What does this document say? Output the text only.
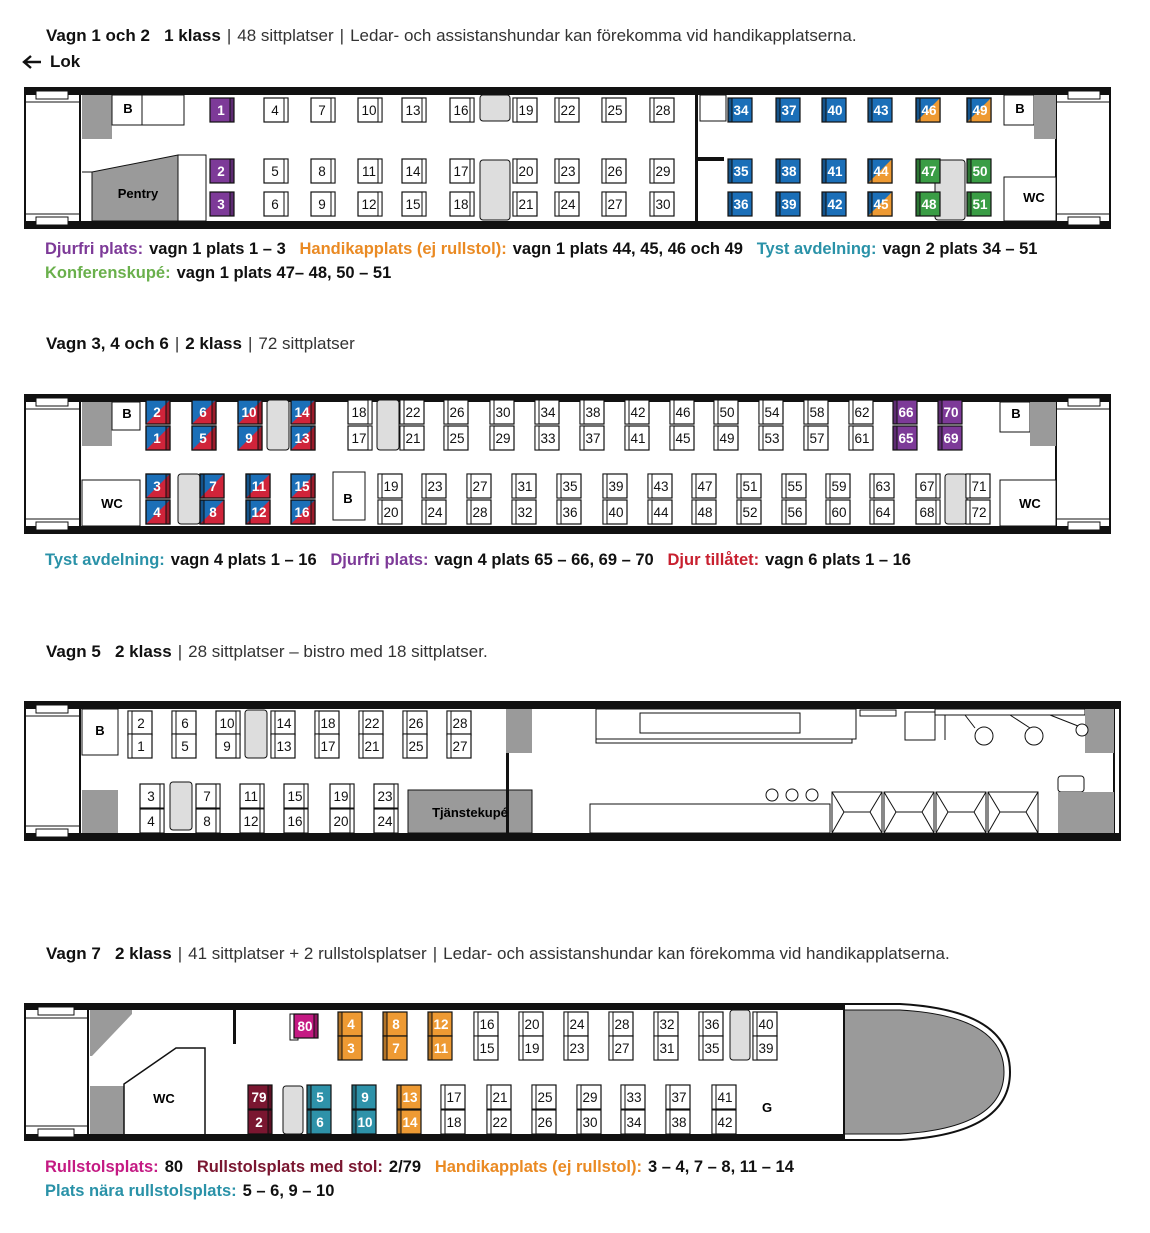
Vagn 1 och 2 1 klass | 48 sittplatser | Ledar- och assistanshundar kan förekomma vid handikapplatserna.
Lok
B	B
Pentry	WC
1
2
3
4
5
6
7
8
9
10
11
12
13
14
15
16
17
18
19
20
21
22
23
24
25
26
27
28
29
30
34
35
36
37
38
39
40
41
42
43
44
45
46
47
48
49
50
51
Djurfri plats: vagn 1 plats 1 – 3 Handikapplats (ej rullstol): vagn 1 plats 44, 45, 46 och 49 Tyst avdelning: vagn 2 plats 34 – 51
Konferenskupé: vagn 1 plats 47– 48, 50 – 51
Vagn 3, 4 och 6 | 2 klass | 72 sittplatser
B	B
B
WC	WC
2
1
6
5
10
9
14
13
18
17
22
21
26
25
30
29
34
33
38
37
42
41
46
45
50
49
54
53
58
57
62
61
66
65
70
69
3
4
7
8
11
12
15
16
19
20
23
24
27
28
31
32
35
36
39
40
43
44
47
48
51
52
55
56
59
60
63
64
67
68
71
72
Tyst avdelning: vagn 4 plats 1 – 16 Djurfri plats: vagn 4 plats 65 – 66, 69 – 70 Djur tillåtet: vagn 6 plats 1 – 16
Vagn 5 2 klass | 28 sittplatser – bistro med 18 sittplatser.
B
Tjänstekupé
2
1
6
5
10
9
14
13
18
17
22
21
26
25
28
27
3
4
7
8
11
12
15
16
19
20
23
24
Vagn 7 2 klass | 41 sittplatser + 2 rullstolsplatser | Ledar- och assistanshundar kan förekomma vid handikapplatserna.
WC
G
80	4
3
8
7
12
11
16
15
20
19
24
23
28
27
32
31
36
35
40
39
79
2
5
6
9
10
13
14
17
18
21
22
25
26
29
30
33
34
37
38
41
42
Rullstolsplats: 80 Rullstolsplats med stol: 2/79 Handikapplats (ej rullstol): 3 – 4, 7 – 8, 11 – 14
Plats nära rullstolsplats: 5 – 6, 9 – 10
